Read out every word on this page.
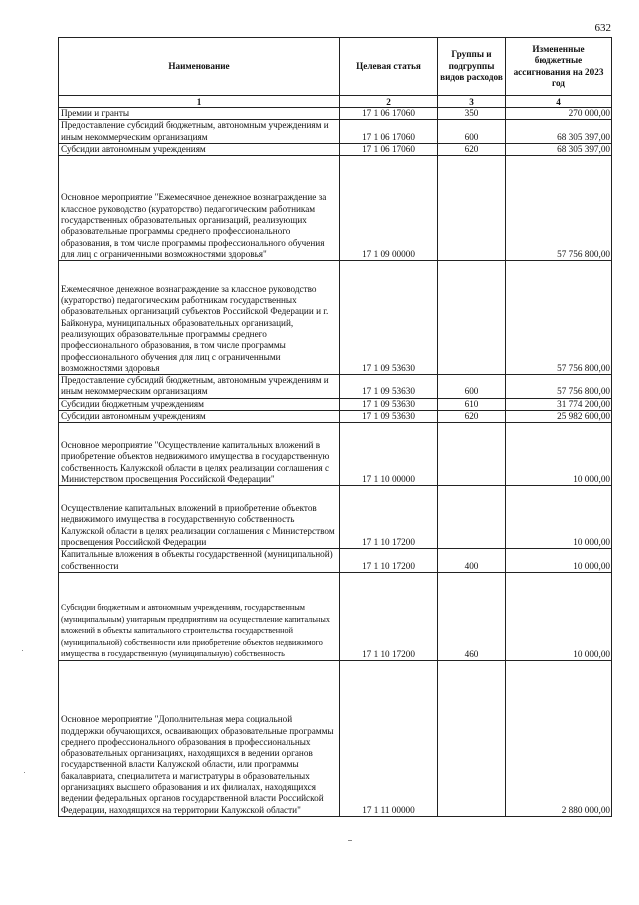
632
Наименование	Целевая статья	Группы и подгруппы видов расходов	Измененные бюджетные ассигнования на 2023 год
1	2	3	4
Премии и гранты	17 1 06 17060	350	270 000,00
Предоставление субсидий бюджетным, автономным учреждениям и иным некоммерческим организациям	17 1 06 17060	600	68 305 397,00
Субсидии автономным учреждениям	17 1 06 17060	620	68 305 397,00
Основное мероприятие "Ежемесячное денежное вознаграждение за классное руководство (кураторство) педагогическим работникам государственных образовательных организаций, реализующих образовательные программы среднего профессионального образования, в том числе программы профессионального обучения для лиц с ограниченными возможностями здоровья"	17 1 09 00000		57 756 800,00
Ежемесячное денежное вознаграждение за классное руководство (кураторство) педагогическим работникам государственных образовательных организаций субъектов Российской Федерации и г. Байконура, муниципальных образовательных организаций, реализующих образовательные программы среднего профессионального образования, в том числе программы профессионального обучения для лиц с ограниченными возможностями здоровья	17 1 09 53630		57 756 800,00
Предоставление субсидий бюджетным, автономным учреждениям и иным некоммерческим организациям	17 1 09 53630	600	57 756 800,00
Субсидии бюджетным учреждениям	17 1 09 53630	610	31 774 200,00
Субсидии автономным учреждениям	17 1 09 53630	620	25 982 600,00
Основное мероприятие "Осуществление капитальных вложений в приобретение объектов недвижимого имущества в государственную собственность Калужской области в целях реализации соглашения с Министерством просвещения Российской Федерации"	17 1 10 00000		10 000,00
Осуществление капитальных вложений в приобретение объектов недвижимого имущества в государственную собственность Калужской области в целях реализации соглашения с Министерством просвещения Российской Федерации	17 1 10 17200		10 000,00
Капитальные вложения в объекты государственной (муниципальной) собственности	17 1 10 17200	400	10 000,00
Субсидии бюджетным и автономным учреждениям, государственным (муниципальным) унитарным предприятиям на осуществление капитальных вложений в объекты капитального строительства государственной (муниципальной) собственности или приобретение объектов недвижимого имущества в государственную (муниципальную) собственность	17 1 10 17200	460	10 000,00
Основное мероприятие "Дополнительная мера социальной поддержки обучающихся, осваивающих образовательные программы среднего профессионального образования в профессиональных образовательных организациях, находящихся в ведении органов государственной власти Калужской области, или программы бакалавриата, специалитета и магистратуры в образовательных организациях высшего образования и их филиалах, находящихся ведении федеральных органов государственной власти Российской Федерации, находящихся на территории Калужской области"	17 1 11 00000		2 880 000,00
